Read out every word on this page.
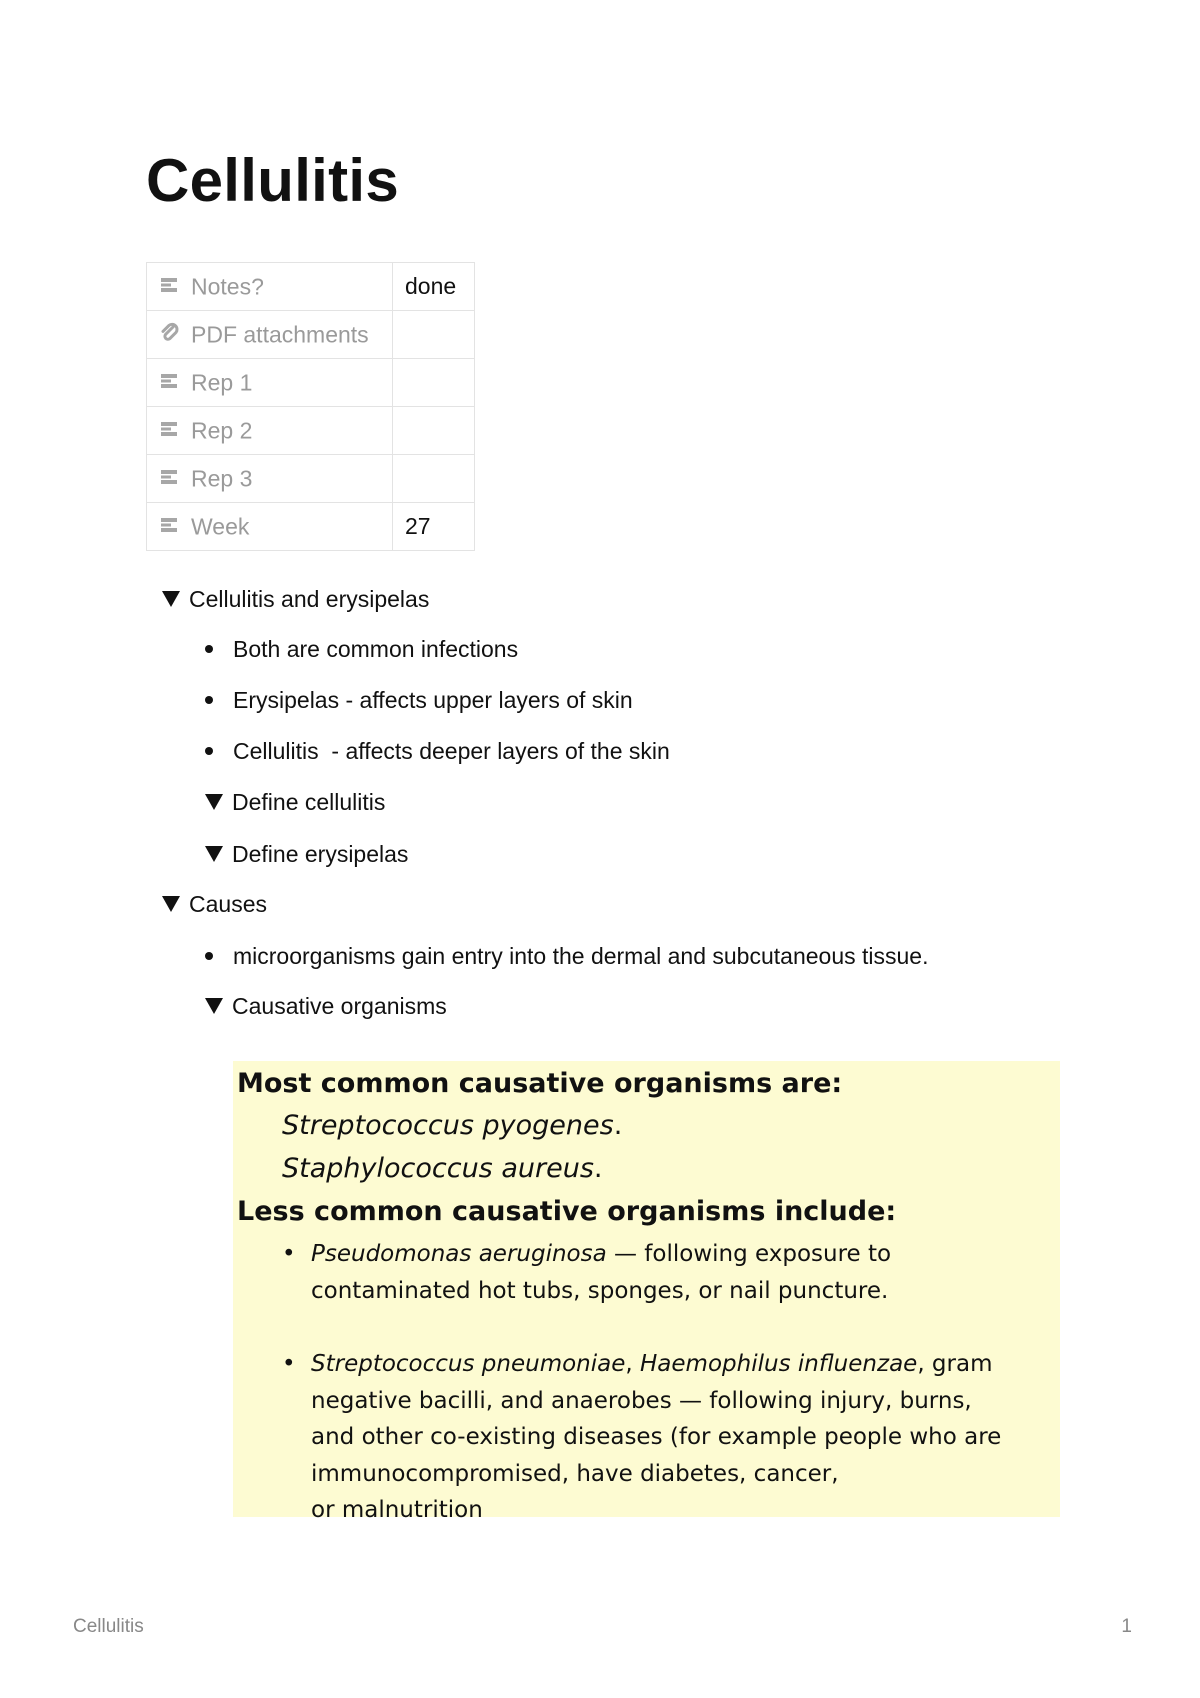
Cellulitis
Notes?	done
PDF attachments	
Rep 1	
Rep 2	
Rep 3	
Week	27
Cellulitis and erysipelas
Both are common infections
Erysipelas - affects upper layers of skin
Cellulitis  - affects deeper layers of the skin
Define cellulitis
Define erysipelas
Causes
microorganisms gain entry into the dermal and subcutaneous tissue.
Causative organisms
Most common causative organisms are:
Streptococcus pyogenes.
Staphylococcus aureus.
Less common causative organisms include:
• Pseudomonas aeruginosa — following exposure to
contaminated hot tubs, sponges, or nail puncture.
• Streptococcus pneumoniae, Haemophilus influenzae, gram
negative bacilli, and anaerobes — following injury, burns,
and other co-existing diseases (for example people who are
immunocompromised, have diabetes, cancer,
or malnutrition
Cellulitis	1
